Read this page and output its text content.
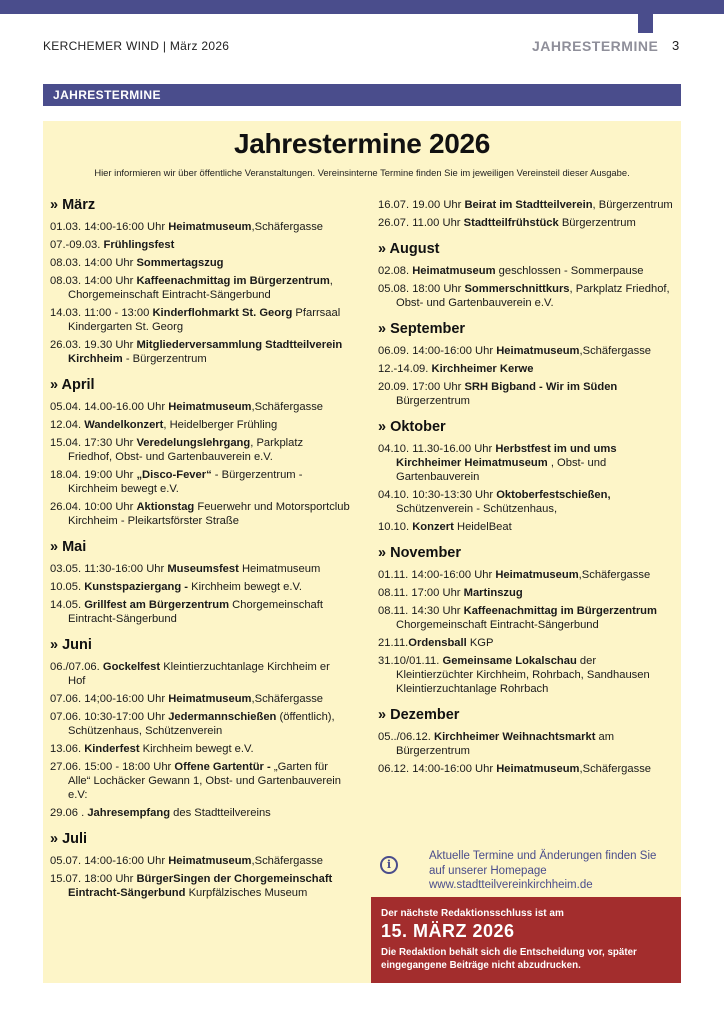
KERCHEMER WIND | März 2026	JAHRESTERMINE 3
JAHRESTERMINE
Jahrestermine 2026

Hier informieren wir über öffentliche Veranstaltungen. Vereinsinterne Termine finden Sie im jeweiligen Vereinsteil dieser Ausgabe.

» März
01.03. 14:00-16:00 Uhr Heimatmuseum,Schäfergasse
07.-09.03. Frühlingsfest
08.03. 14:00 Uhr Sommertagszug
08.03. 14:00 Uhr Kaffeenachmittag im Bürgerzentrum, Chorgemeinschaft Eintracht-Sängerbund
14.03. 11:00 - 13:00 Kinderflohmarkt St. Georg Pfarrsaal Kindergarten St. Georg
26.03. 19.30 Uhr Mitgliederversammlung Stadtteilverein Kirchheim - Bürgerzentrum
» April
05.04. 14.00-16.00 Uhr Heimatmuseum,Schäfergasse
12.04. Wandelkonzert, Heidelberger Frühling
15.04. 17:30 Uhr Veredelungslehrgang, Parkplatz Friedhof, Obst- und Gartenbauverein e.V.
18.04. 19:00 Uhr „Disco-Fever“ - Bürgerzentrum - Kirchheim bewegt e.V.
26.04. 10:00 Uhr Aktionstag Feuerwehr und Motorsportclub Kirchheim - Pleikartsförster Straße
» Mai
03.05. 11:30-16:00 Uhr Museumsfest Heimatmuseum
10.05. Kunstspaziergang - Kirchheim bewegt e.V.
14.05. Grillfest am Bürgerzentrum Chorgemeinschaft Eintracht-Sängerbund
» Juni
06./07.06. Gockelfest Kleintierzuchtanlage Kirchheim er Hof
07.06. 14;00-16:00 Uhr Heimatmuseum,Schäfergasse
07.06. 10:30-17:00 Uhr Jedermannschießen (öffentlich), Schützenhaus, Schützenverein
13.06. Kinderfest Kirchheim bewegt e.V.
27.06. 15:00 - 18:00 Uhr Offene Gartentür - „Garten für Alle“ Lochäcker Gewann 1, Obst- und Gartenbauverein e.V:
29.06 . Jahresempfang des Stadtteilvereins
» Juli
05.07. 14:00-16:00 Uhr Heimatmuseum,Schäfergasse
15.07. 18:00 Uhr BürgerSingen der Chorgemeinschaft Eintracht-Sängerbund Kurpfälzisches Museum
16.07. 19.00 Uhr Beirat im Stadtteilverein, Bürgerzentrum
26.07. 11.00 Uhr Stadtteilfrühstück Bürgerzentrum
» August
02.08. Heimatmuseum geschlossen - Sommerpause
05.08. 18:00 Uhr Sommerschnittkurs, Parkplatz Friedhof, Obst- und Gartenbauverein e.V.
» September
06.09. 14:00-16:00 Uhr Heimatmuseum,Schäfergasse
12.-14.09. Kirchheimer Kerwe
20.09. 17:00 Uhr SRH Bigband - Wir im Süden Bürgerzentrum
» Oktober
04.10. 11.30-16.00 Uhr Herbstfest im und ums Kirchheimer Heimatmuseum , Obst- und Gartenbauverein
04.10. 10:30-13:30 Uhr Oktoberfestschießen, Schützenverein - Schützenhaus,
10.10. Konzert HeidelBeat
» November
01.11. 14:00-16:00 Uhr Heimatmuseum,Schäfergasse
08.11. 17:00 Uhr Martinszug
08.11. 14:30 Uhr Kaffeenachmittag im Bürgerzentrum Chorgemeinschaft Eintracht-Sängerbund
21.11.Ordensball KGP
31.10/01.11. Gemeinsame Lokalschau der Kleintierzüchter Kirchheim, Rohrbach, Sandhausen Kleintierzuchtanlage Rohrbach
» Dezember
05../06.12. Kirchheimer Weihnachtsmarkt am Bürgerzentrum
06.12. 14:00-16:00 Uhr Heimatmuseum,Schäfergasse
i
Aktuelle Termine und Änderungen finden Sie
auf unserer Homepage
www.stadtteilvereinkirchheim.de
Der nächste Redaktionsschluss ist am
15. MÄRZ 2026
Die Redaktion behält sich die Entscheidung vor, später eingegangene Beiträge nicht abzudrucken.
